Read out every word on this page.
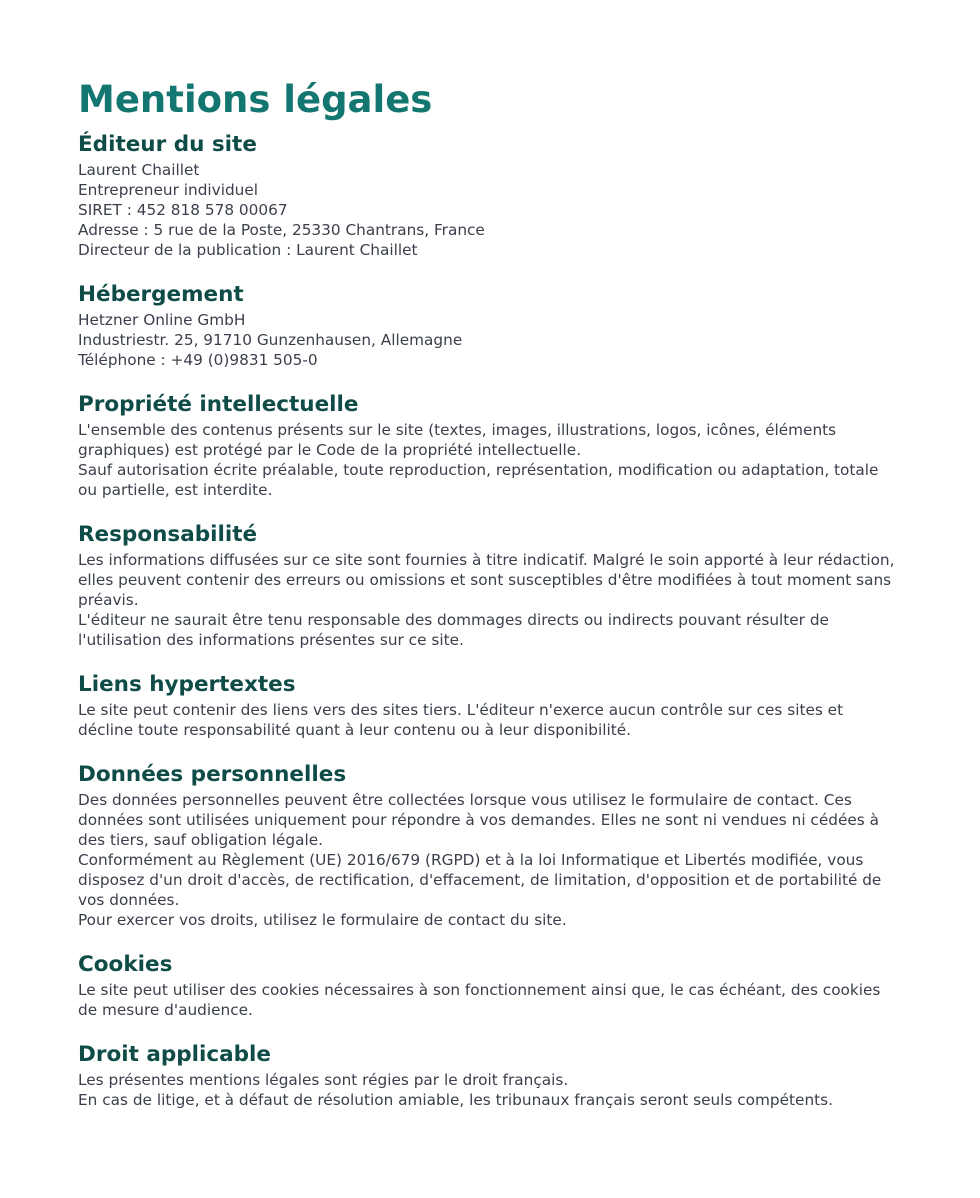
Mentions légales
Éditeur du site

Laurent Chaillet

Entrepreneur individuel

SIRET : 452 818 578 00067

Adresse : 5 rue de la Poste, 25330 Chantrans, France

Directeur de la publication : Laurent Chaillet

Hébergement

Hetzner Online GmbH

Industriestr. 25, 91710 Gunzenhausen, Allemagne

Téléphone : +49 (0)9831 505-0

Propriété intellectuelle

L'ensemble des contenus présents sur le site (textes, images, illustrations, logos, icônes, éléments graphiques) est protégé par le Code de la propriété intellectuelle.

Sauf autorisation écrite préalable, toute reproduction, représentation, modification ou adaptation, totale ou partielle, est interdite.

Responsabilité

Les informations diffusées sur ce site sont fournies à titre indicatif. Malgré le soin apporté à leur rédaction, elles peuvent contenir des erreurs ou omissions et sont susceptibles d'être modifiées à tout moment sans préavis.

L'éditeur ne saurait être tenu responsable des dommages directs ou indirects pouvant résulter de l'utilisation des informations présentes sur ce site.

Liens hypertextes

Le site peut contenir des liens vers des sites tiers. L'éditeur n'exerce aucun contrôle sur ces sites et décline toute responsabilité quant à leur contenu ou à leur disponibilité.

Données personnelles

Des données personnelles peuvent être collectées lorsque vous utilisez le formulaire de contact. Ces données sont utilisées uniquement pour répondre à vos demandes. Elles ne sont ni vendues ni cédées à des tiers, sauf obligation légale.

Conformément au Règlement (UE) 2016/679 (RGPD) et à la loi Informatique et Libertés modifiée, vous disposez d'un droit d'accès, de rectification, d'effacement, de limitation, d'opposition et de portabilité de vos données.

Pour exercer vos droits, utilisez le formulaire de contact du site.

Cookies

Le site peut utiliser des cookies nécessaires à son fonctionnement ainsi que, le cas échéant, des cookies de mesure d'audience.

Droit applicable

Les présentes mentions légales sont régies par le droit français.

En cas de litige, et à défaut de résolution amiable, les tribunaux français seront seuls compétents.
